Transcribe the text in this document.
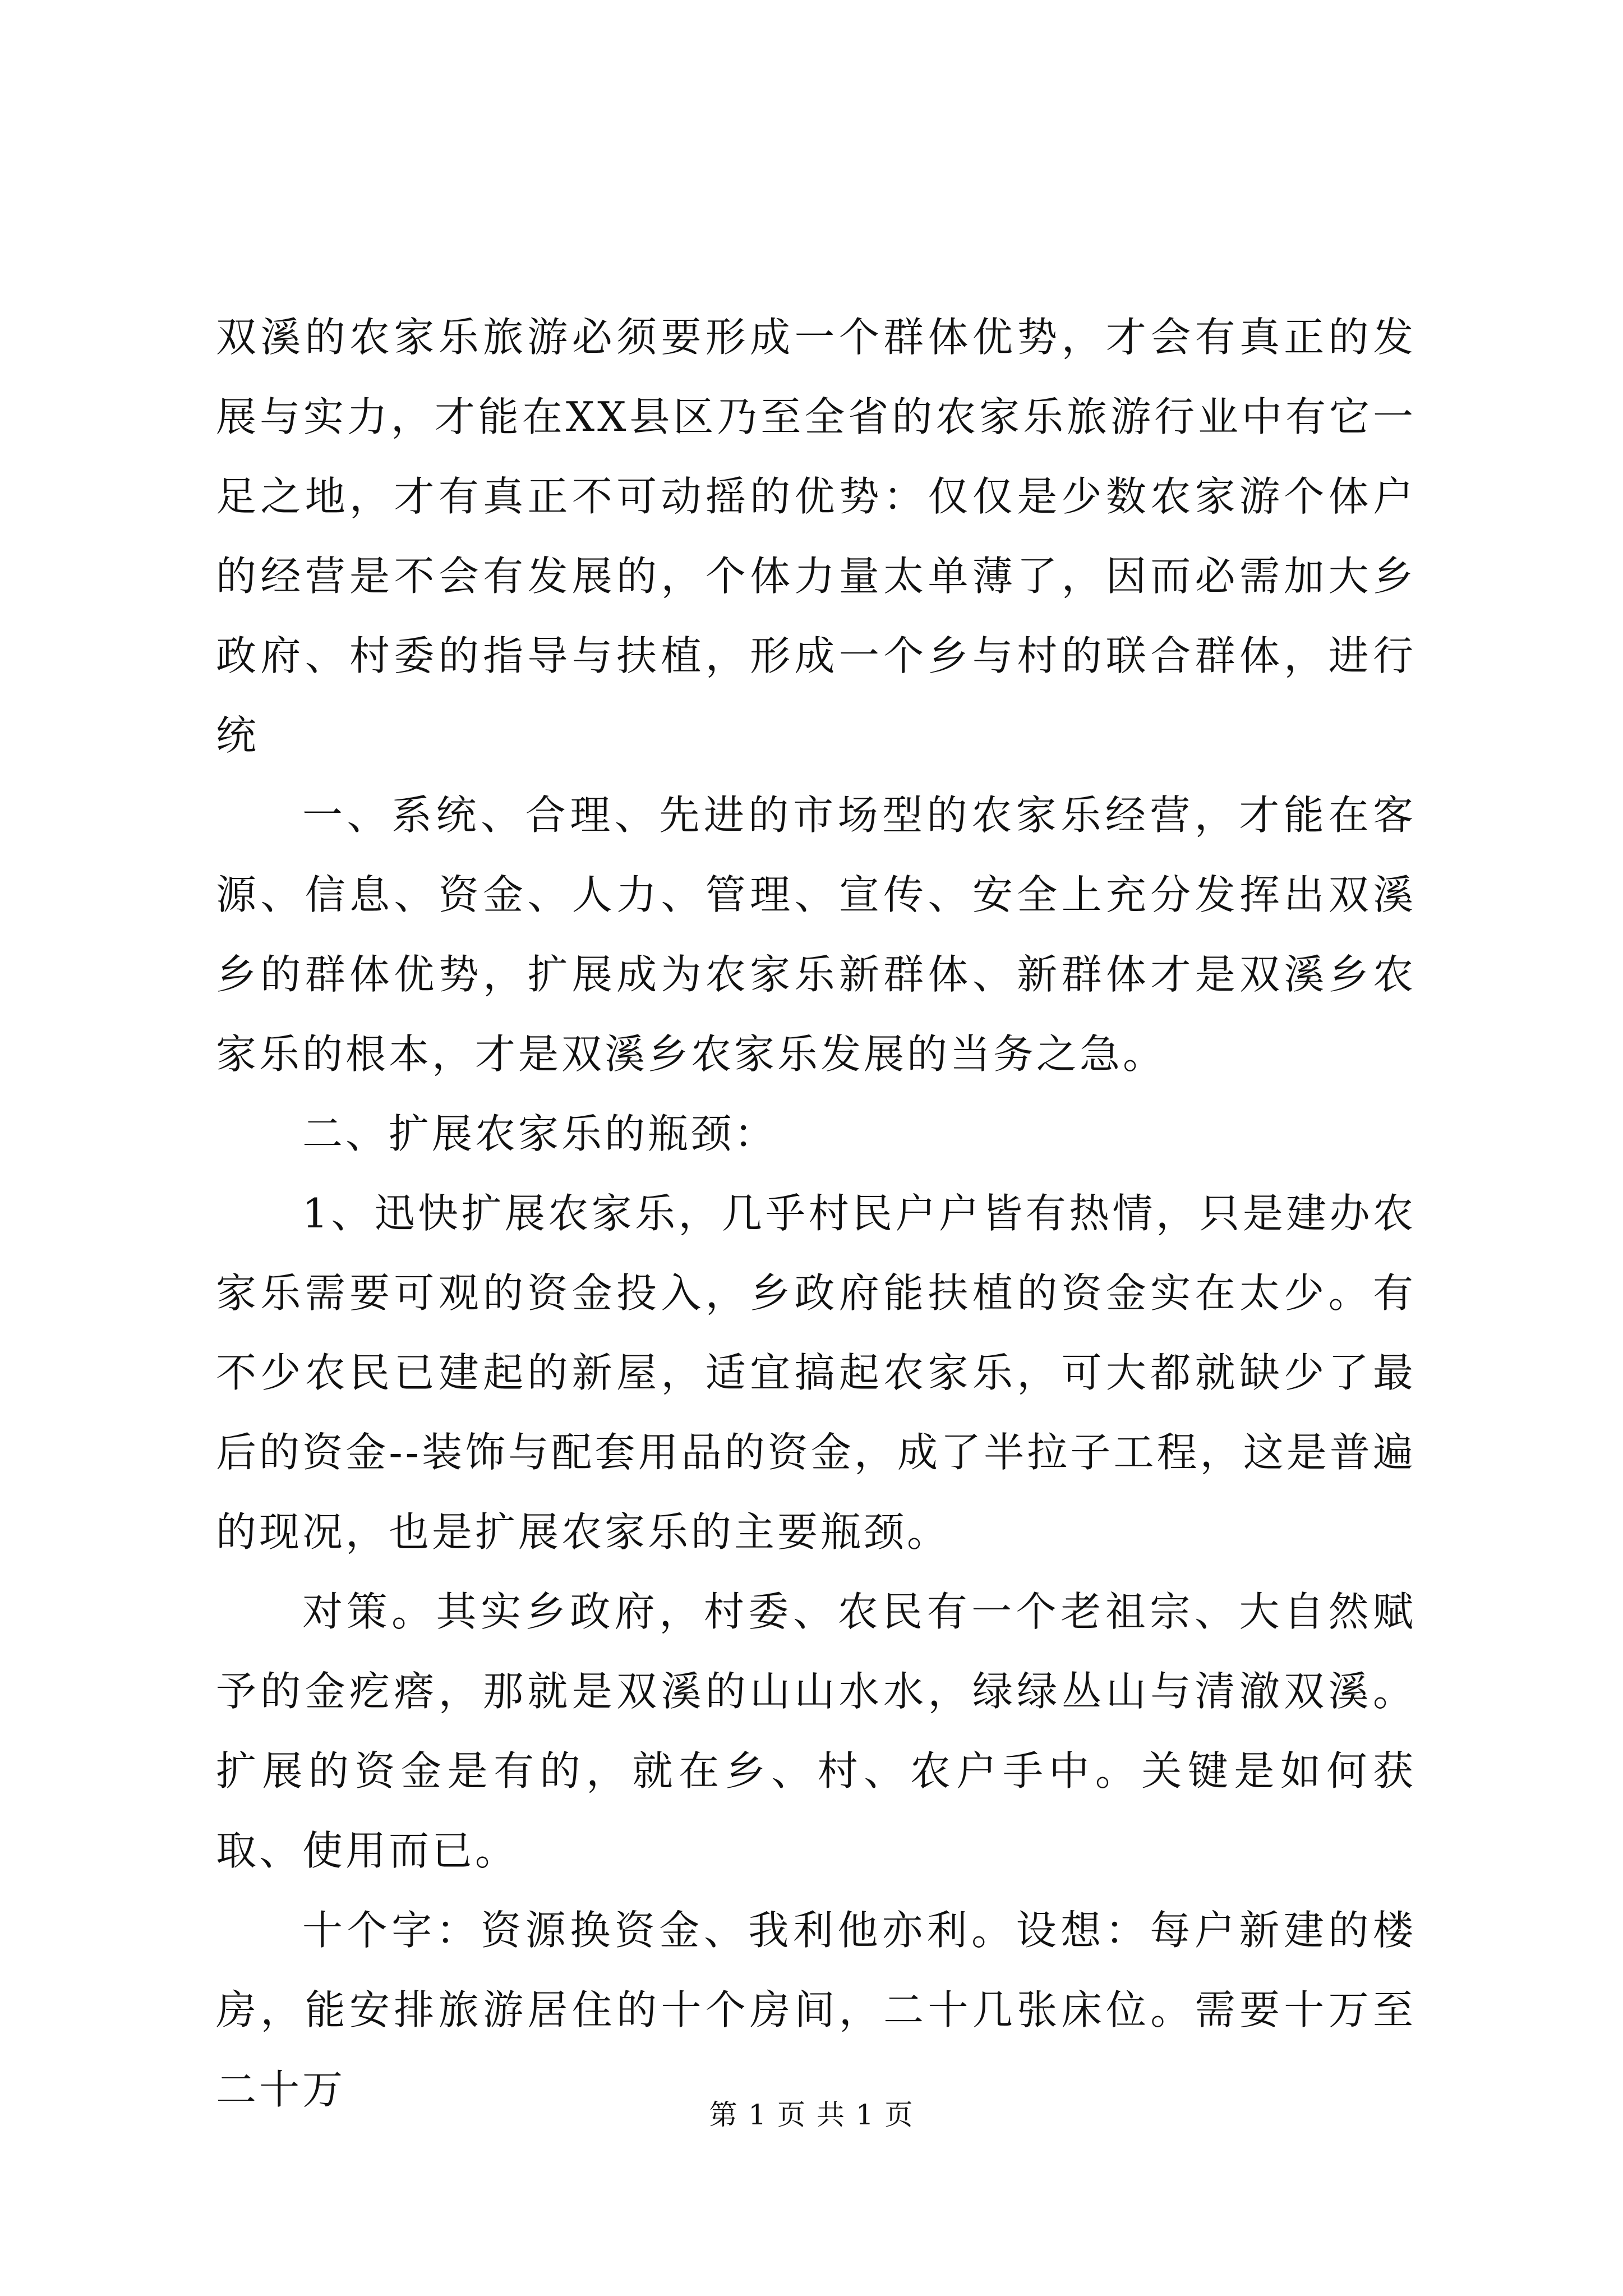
双溪的农家乐旅游必须要形成一个群体优势，才会有真正的发展与实力，才能在XX县区乃至全省的农家乐旅游行业中有它一足之地，才有真正不可动摇的优势：仅仅是少数农家游个体户的经营是不会有发展的，个体力量太单薄了，因而必需加大乡政府、村委的指导与扶植，形成一个乡与村的联合群体，进行统

一、系统、合理、先进的市场型的农家乐经营，才能在客源、信息、资金、人力、管理、宣传、安全上充分发挥出双溪乡的群体优势，扩展成为农家乐新群体、新群体才是双溪乡农家乐的根本，才是双溪乡农家乐发展的当务之急。

二、扩展农家乐的瓶颈：

1、迅快扩展农家乐，几乎村民户户皆有热情，只是建办农家乐需要可观的资金投入，乡政府能扶植的资金实在太少。有不少农民已建起的新屋，适宜搞起农家乐，可大都就缺少了最后的资金--装饰与配套用品的资金，成了半拉子工程，这是普遍的现况，也是扩展农家乐的主要瓶颈。

对策。其实乡政府，村委、农民有一个老祖宗、大自然赋予的金疙瘩，那就是双溪的山山水水，绿绿丛山与清澈双溪。扩展的资金是有的，就在乡、村、农户手中。关键是如何获取、使用而已。

十个字：资源换资金、我利他亦利。设想：每户新建的楼房，能安排旅游居住的十个房间，二十几张床位。需要十万至二十万

第 1 页 共 1 页
